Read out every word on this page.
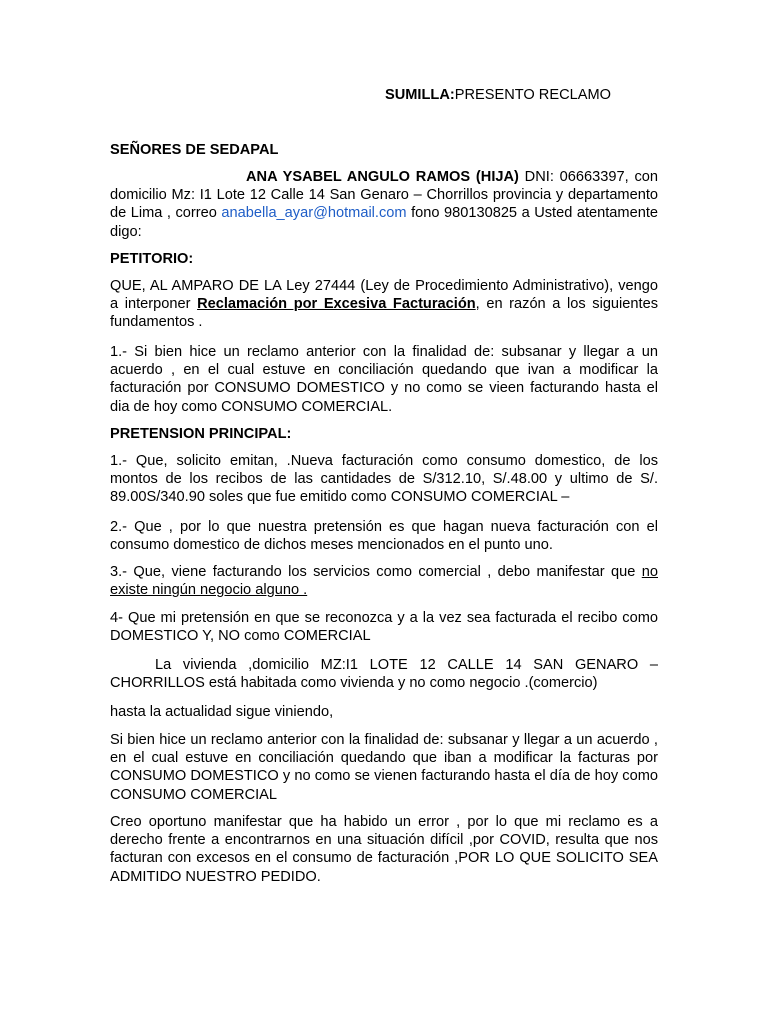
SUMILLA:PRESENTO RECLAMO
SEÑORES DE SEDAPAL
ANA YSABEL ANGULO RAMOS (HIJA) DNI: 06663397, con domicilio Mz: I1 Lote 12 Calle 14 San Genaro – Chorrillos provincia y departamento de Lima , correo anabella_ayar@hotmail.com fono 980130825 a Usted atentamente digo:
PETITORIO:
QUE, AL AMPARO DE LA Ley 27444 (Ley de Procedimiento Administrativo), vengo a interponer Reclamación por Excesiva Facturación, en razón a los siguientes fundamentos .
1.- Si bien hice un reclamo anterior con la finalidad de: subsanar y llegar a un acuerdo , en el cual estuve en conciliación quedando que ivan a modificar la facturación por CONSUMO DOMESTICO y no como se vieen facturando hasta el dia de hoy como CONSUMO COMERCIAL.
PRETENSION PRINCIPAL:
1.- Que, solicito emitan, .Nueva facturación como consumo domestico, de los montos de los recibos de las cantidades de S/312.10, S/.48.00 y ultimo de S/. 89.00S/340.90 soles que fue emitido como CONSUMO COMERCIAL –
2.- Que , por lo que nuestra pretensión es que hagan nueva facturación con el consumo domestico de dichos meses mencionados en el punto uno.
3.- Que, viene facturando los servicios como comercial , debo manifestar que no existe ningún negocio alguno .
4- Que mi pretensión en que se reconozca y a la vez sea facturada el recibo como DOMESTICO Y, NO como COMERCIAL
La vivienda ,domicilio MZ:I1 LOTE 12 CALLE 14 SAN GENARO – CHORRILLOS está habitada como vivienda y no como negocio .(comercio)
hasta la actualidad sigue viniendo,
Si bien hice un reclamo anterior con la finalidad de: subsanar y llegar a un acuerdo , en el cual estuve en conciliación quedando que iban a modificar la facturas por CONSUMO DOMESTICO y no como se vienen facturando hasta el día de hoy como CONSUMO COMERCIAL
Creo oportuno manifestar que ha habido un error , por lo que mi reclamo es a derecho frente a encontrarnos en una situación difícil ,por COVID, resulta que nos facturan con excesos en el consumo de facturación ,POR LO QUE SOLICITO SEA ADMITIDO NUESTRO PEDIDO.
